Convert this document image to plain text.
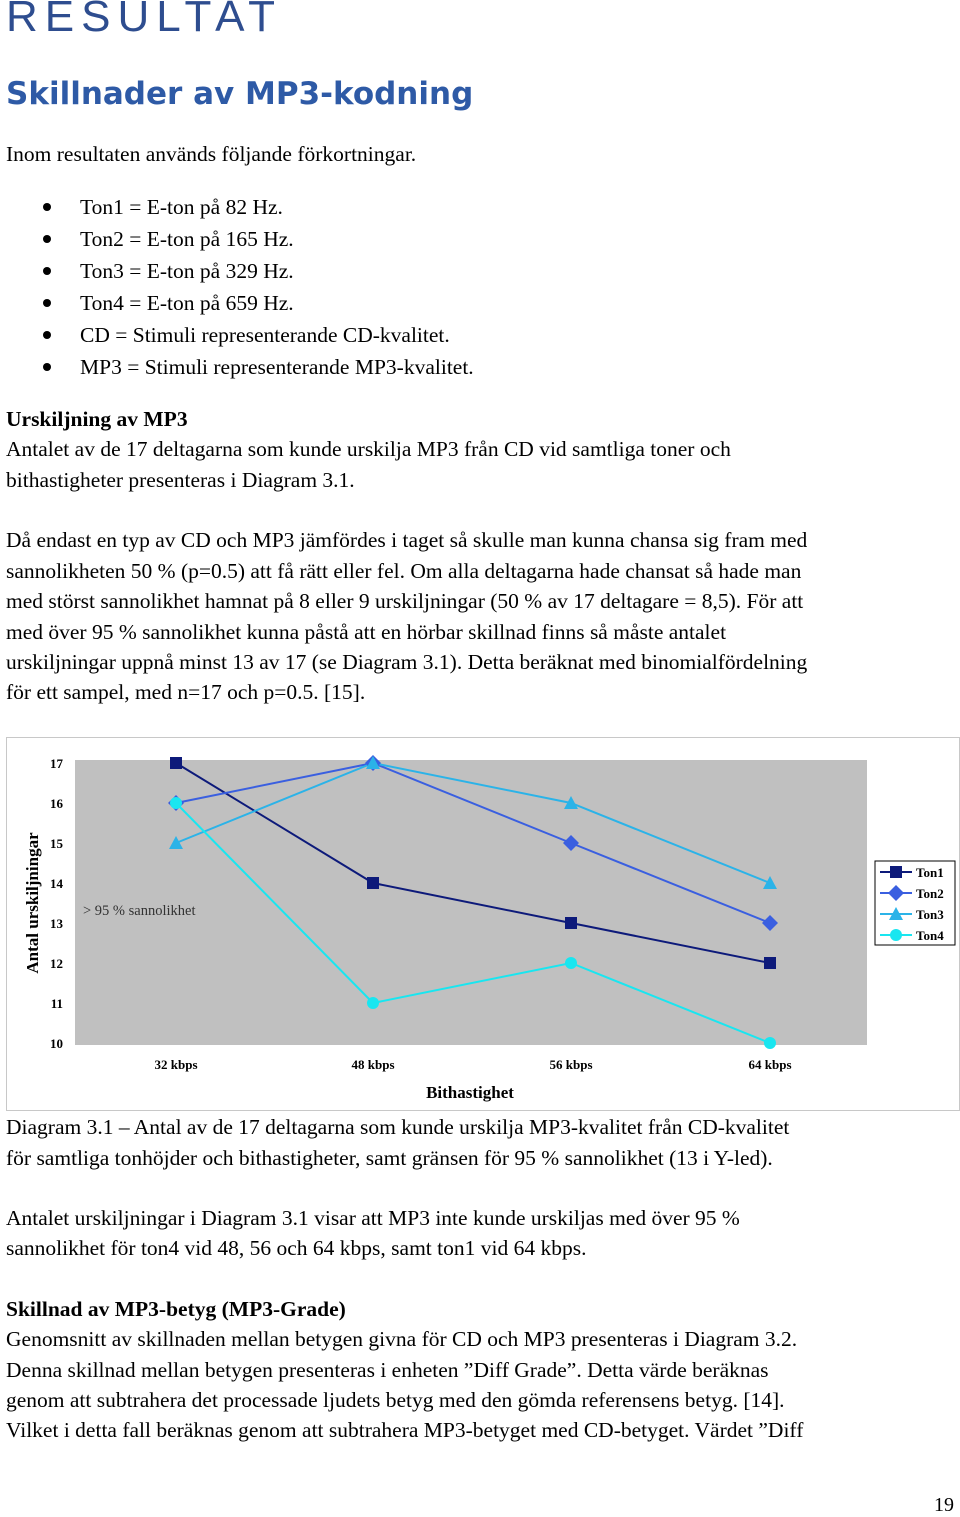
RESULTAT
Skillnader av MP3-kodning
Inom resultaten används följande förkortningar.
Ton1 = E-ton på 82 Hz.
Ton2 = E-ton på 165 Hz.
Ton3 = E-ton på 329 Hz.
Ton4 = E-ton på 659 Hz.
CD = Stimuli representerande CD-kvalitet.
MP3 = Stimuli representerande MP3-kvalitet.
Urskiljning av MP3
Antalet av de 17 deltagarna som kunde urskilja MP3 från CD vid samtliga toner och
bithastigheter presenteras i Diagram 3.1.
Då endast en typ av CD och MP3 jämfördes i taget så skulle man kunna chansa sig fram med
sannolikheten 50 % (p=0.5) att få rätt eller fel. Om alla deltagarna hade chansat så hade man
med störst sannolikhet hamnat på 8 eller 9 urskiljningar (50 % av 17 deltagare = 8,5). För att
med över 95 % sannolikhet kunna påstå att en hörbar skillnad finns så måste antalet
urskiljningar uppnå minst 13 av 17 (se Diagram 3.1). Detta beräknat med binomialfördelning
för ett sampel, med n=17 och p=0.5. [15].
10
11
12
13
14
15
16
17
32 kbps	48 kbps	56 kbps	64 kbps
> 95 % sannolikhet
Bithastighet
Antal urskiljningar	Ton1
Ton2
Ton3
Ton4
Diagram 3.1 – Antal av de 17 deltagarna som kunde urskilja MP3-kvalitet från CD-kvalitet
för samtliga tonhöjder och bithastigheter, samt gränsen för 95 % sannolikhet (13 i Y-led).
Antalet urskiljningar i Diagram 3.1 visar att MP3 inte kunde urskiljas med över 95 %
sannolikhet för ton4 vid 48, 56 och 64 kbps, samt ton1 vid 64 kbps.
Skillnad av MP3-betyg (MP3-Grade)
Genomsnitt av skillnaden mellan betygen givna för CD och MP3 presenteras i Diagram 3.2.
Denna skillnad mellan betygen presenteras i enheten ”Diff Grade”. Detta värde beräknas
genom att subtrahera det processade ljudets betyg med den gömda referensens betyg. [14].
Vilket i detta fall beräknas genom att subtrahera MP3-betyget med CD-betyget. Värdet ”Diff
19
